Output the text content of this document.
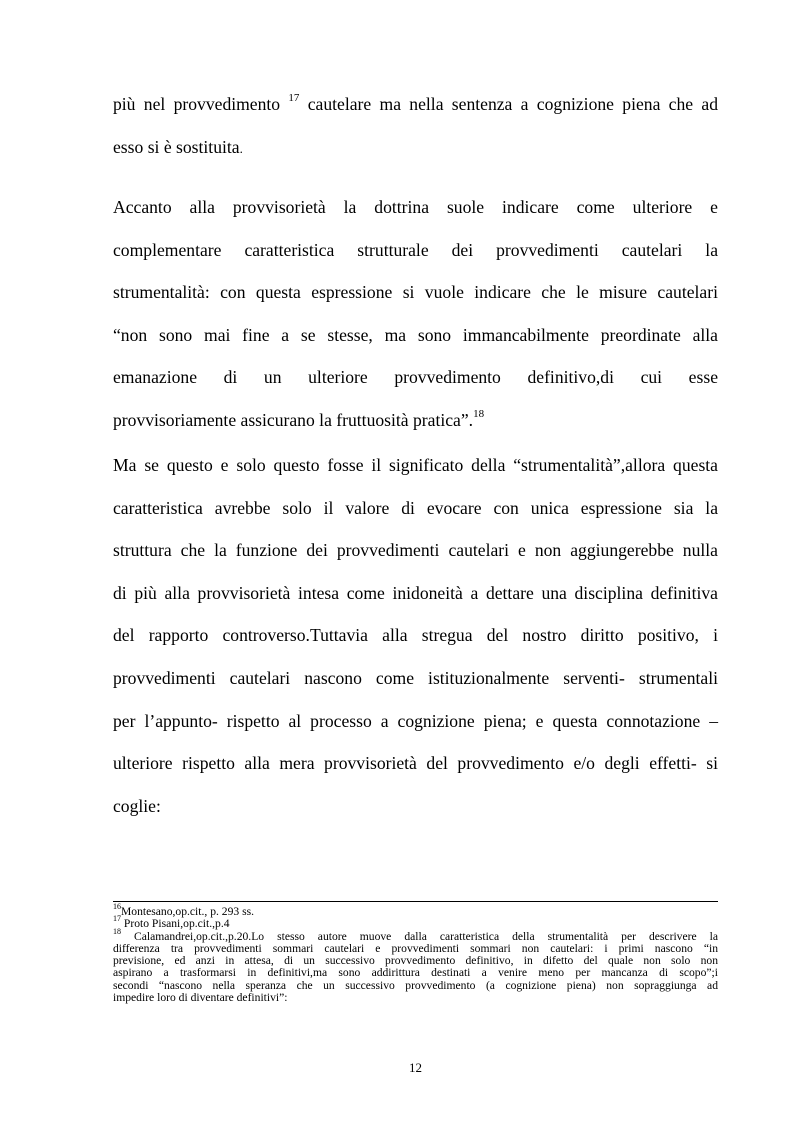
più nel provvedimento $^{17}$ cautelare ma nella sentenza a cognizione piena che ad
esso si è sostituita.
Accanto alla provvisorietà la dottrina suole indicare come ulteriore e
complementare caratteristica strutturale dei provvedimenti cautelari la
strumentalità: con questa espressione si vuole indicare che le misure cautelari
“non sono mai fine a se stesse, ma sono immancabilmente preordinate alla
emanazione di un ulteriore provvedimento definitivo,di cui esse
provvisoriamente assicurano la fruttuosità pratica”.$^{18}$
Ma se questo e solo questo fosse il significato della “strumentalità”,allora questa
caratteristica avrebbe solo il valore di evocare con unica espressione sia la
struttura che la funzione dei provvedimenti cautelari e non aggiungerebbe nulla
di più alla provvisorietà intesa come inidoneità a dettare una disciplina definitiva
del rapporto controverso.Tuttavia alla stregua del nostro diritto positivo, i
provvedimenti cautelari nascono come istituzionalmente serventi- strumentali
per l’appunto- rispetto al processo a cognizione piena; e questa connotazione –
ulteriore rispetto alla mera provvisorietà del provvedimento e/o degli effetti- si
coglie:

$^{16}$Montesano,op.cit., p. 293 ss.

$^{17}$ Proto Pisani,op.cit.,p.4

$^{18}$ Calamandrei,op.cit.,p.20.Lo stesso autore muove dalla caratteristica della strumentalità per descrivere la
differenza tra provvedimenti sommari cautelari e provvedimenti sommari non cautelari: i primi nascono “in
previsione, ed anzi in attesa, di un successivo provvedimento definitivo, in difetto del quale non solo non
aspirano a trasformarsi in definitivi,ma sono addirittura destinati a venire meno per mancanza di scopo”;i
secondi “nascono nella speranza che un successivo provvedimento (a cognizione piena) non sopraggiunga ad
impedire loro di diventare definitivi”:
12
